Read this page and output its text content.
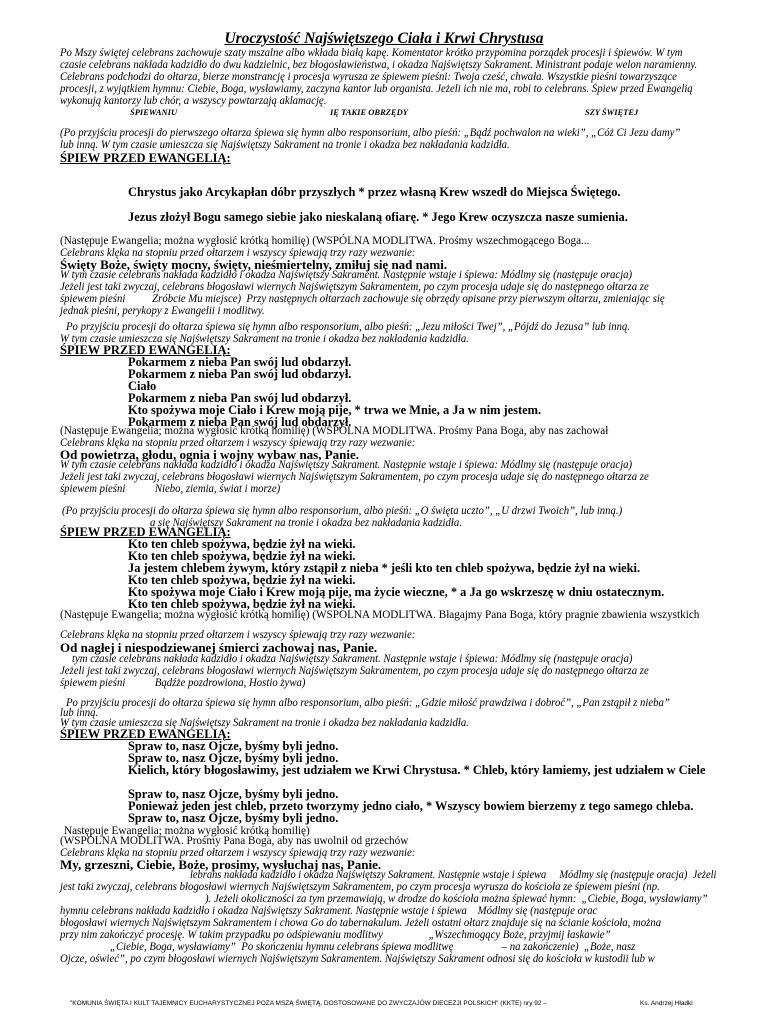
Uroczystość Najświętszego Ciała i Krwi Chrystusa
Po Mszy świętej celebrans zachowuje szaty mszalne albo wkłada białą kapę. Komentator krótko przypomina porządek procesji i śpiewów. W tym
czasie celebrans nakłada kadzidło do dwu kadzielnic, bez błogosławieństwa, i okadza Najświętszy Sakrament. Ministrant podaje welon naramienny.
Celebrans podchodzi do ołtarza, bierze monstrancję i procesja wyrusza ze śpiewem pieśni: Twoja cześć, chwała. Wszystkie pieśni towarzyszące
procesji, z wyjątkiem hymnu: Ciebie, Boga, wysławiamy, zaczyna kantor lub organista. Jeżeli ich nie ma, robi to celebrans. Śpiew przed Ewangelią
wykonują kantorzy lub chór, a wszyscy powtarzają aklamację.
ŚPIEWANIU	IĘ TAKIE OBRZĘDY	SZY ŚWIĘTEJ
(Po przyjściu procesji do pierwszego ołtarza śpiewa się hymn albo responsorium, albo pieśń: „Bądź pochwalon na wieki”, „Cóż Ci Jezu damy”
lub inną. W tym czasie umieszcza się Najświętszy Sakrament na tronie i okadza bez nakładania kadzidła.
ŚPIEW PRZED EWANGELIĄ:
Chrystus jako Arcykapłan dóbr przyszłych * przez własną Krew wszedł do Miejsca Świętego.
Jezus złożył Bogu samego siebie jako nieskalaną ofiarę. * Jego Krew oczyszcza nasze sumienia.
(Następuje Ewangelia; można wygłosić krótką homilię) (WSPÓLNA MODLITWA. Prośmy wszechmogącego Boga...
Celebrans klęka na stopniu przed ołtarzem i wszyscy śpiewają trzy razy wezwanie:
Święty Boże, święty mocny, święty, nieśmiertelny, zmiłuj się nad nami.
W tym czasie celebrans nakłada kadzidło i okadza Najświętszy Sakrament. Następnie wstaje i śpiewa: Módlmy się (następuje oracja)
Jeżeli jest taki zwyczaj, celebrans błogosławi wiernych Najświętszym Sakramentem, po czym procesja udaje się do następnego ołtarza ze
śpiewem pieśni          Zróbcie Mu miejsce)  Przy następnych ołtarzach zachowuje się obrzędy opisane przy pierwszym ołtarzu, zmieniając się
jednak pieśni, perykopy z Ewangelii i modlitwy.
Po przyjściu procesji do ołtarza śpiewa się hymn albo responsorium, albo pieśń: „Jezu miłości Twej”, „Pójdź do Jezusa” lub inną.
W tym czasie umieszcza się Najświętszy Sakrament na tronie i okadza bez nakładania kadzidła.
ŚPIEW PRZED EWANGELIĄ:
Pokarmem z nieba Pan swój lud obdarzył.
Pokarmem z nieba Pan swój lud obdarzył.
Ciało
Pokarmem z nieba Pan swój lud obdarzył.
Kto spożywa moje Ciało i Krew moją pije, * trwa we Mnie, a Ja w nim jestem.
Pokarmem z nieba Pan swój lud obdarzył.
(Następuje Ewangelia; można wygłosić krótką homilię) (WSPÓLNA MODLITWA. Prośmy Pana Boga, aby nas zachował
Celebrans klęka na stopniu przed ołtarzem i wszyscy śpiewają trzy razy wezwanie:
Od powietrza, głodu, ognia i wojny wybaw nas, Panie.
W tym czasie celebrans nakłada kadzidło i okadza Najświętszy Sakrament. Następnie wstaje i śpiewa: Módlmy się (następuje oracja)
Jeżeli jest taki zwyczaj, celebrans błogosławi wiernych Najświętszym Sakramentem, po czym procesja udaje się do następnego ołtarza ze
śpiewem pieśni           Niebo, ziemia, świat i morze)
(Po przyjściu procesji do ołtarza śpiewa się hymn albo responsorium, albo pieśń: „O święta uczto”, „U drzwi Twoich”, lub inną.)
a się Najświętszy Sakrament na tronie i okadza bez nakładania kadzidła.
ŚPIEW PRZED EWANGELIĄ:
Kto ten chleb spożywa, będzie żył na wieki.
Kto ten chleb spożywa, będzie żył na wieki.
Ja jestem chlebem żywym, który zstąpił z nieba * jeśli kto ten chleb spożywa, będzie żył na wieki.
Kto ten chleb spożywa, będzie żył na wieki.
Kto spożywa moje Ciało i Krew moją pije, ma życie wieczne, * a Ja go wskrzeszę w dniu ostatecznym.
Kto ten chleb spożywa, będzie żył na wieki.
(Następuje Ewangelia; można wygłosić krótką homilię) (WSPÓLNA MODLITWA. Błagajmy Pana Boga, który pragnie zbawienia wszystkich
Celebrans klęka na stopniu przed ołtarzem i wszyscy śpiewają trzy razy wezwanie:
Od nagłej i niespodziewanej śmierci zachowaj nas, Panie.
tym czasie celebrans nakłada kadzidło i okadza Najświętszy Sakrament. Następnie wstaje i śpiewa: Módlmy się (następuje oracja)
Jeżeli jest taki zwyczaj, celebrans błogosławi wiernych Najświętszym Sakramentem, po czym procesja udaje się do następnego ołtarza ze
śpiewem pieśni           Bądźże pozdrowiona, Hostio żywa)
Po przyjściu procesji do ołtarza śpiewa się hymn albo responsorium, albo pieśń: „Gdzie miłość prawdziwa i dobroć”, „Pan zstąpił z nieba”
lub inną.
W tym czasie umieszcza się Najświętszy Sakrament na tronie i okadza bez nakładania kadzidła.
ŚPIEW PRZED EWANGELIĄ:
Spraw to, nasz Ojcze, byśmy byli jedno.
Spraw to, nasz Ojcze, byśmy byli jedno.
Kielich, który błogosławimy, jest udziałem we Krwi Chrystusa. * Chleb, który łamiemy, jest udziałem w Ciele
Spraw to, nasz Ojcze, byśmy byli jedno.
Ponieważ jeden jest chleb, przeto tworzymy jedno ciało, * Wszyscy bowiem bierzemy z tego samego chleba.
Spraw to, nasz Ojcze, byśmy byli jedno.
Następuje Ewangelia; można wygłosić krótką homilię)
(WSPÓLNA MODLITWA. Prośmy Pana Boga, aby nas uwolnił od grzechów
Celebrans klęka na stopniu przed ołtarzem i wszyscy śpiewają trzy razy wezwanie:
My, grzeszni, Ciebie, Boże, prosimy, wysłuchaj nas, Panie.
lebrans nakłada kadzidło i okadza Najświętszy Sakrament. Następnie wstaje i śpiewa     Módlmy się (następuje oracja)  Jeżeli
jest taki zwyczaj, celebrans błogosławi wiernych Najświętszym Sakramentem, po czym procesja wyrusza do kościoła ze śpiewem pieśni (np.
). Jeżeli okoliczności za tym przemawiają, w drodze do kościoła można śpiewać hymn:  „Ciebie, Boga, wysławiamy”
hymnu celebrans nakłada kadzidło i okadza Najświętszy Sakrament. Następnie wstaje i śpiewa    Módlmy się (następuje orac
błogosławi wiernych Najświętszym Sakramentem i chowa Go do tabernakulum. Jeżeli ostatni ołtarz znajduje się na ścianie kościoła, można
przy nim zakończyć procesję. W takim przypadku po odśpiewaniu modlitwy                 „Wszechmogący Boże, przyjmij łaskawie”
„Ciebie, Boga, wysławiamy”  Po skończeniu hymnu celebrans śpiewa modlitwę                  – na zakończenie)  „Boże, nasz
Ojcze, oświeć”, po czym błogosławi wiernych Najświętszym Sakramentem. Najświętszy Sakrament odnosi się do kościoła w kustodii lub w
"KOMUNIA ŚWIĘTA I KULT TAJEMNICY EUCHARYSTYCZNEJ POZA MSZĄ ŚWIĘTĄ, DOSTOSOWANE DO ZWYCZAJÓW DIECEZJI POLSKICH" (KKTE) nry 92 –	Ks. Andrzej Hładki
